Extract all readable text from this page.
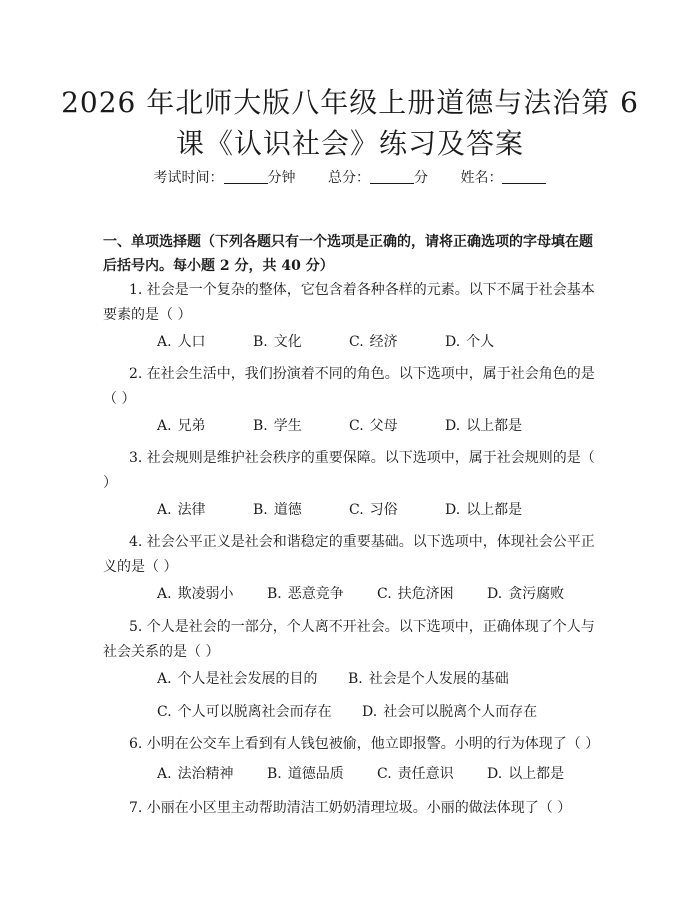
2026 年北师大版八年级上册道德与法治第 6
课《认识社会》练习及答案
考试时间：	分钟 总分：	分 姓名：
一、单项选择题（下列各题只有一个选项是正确的，请将正确选项的字母填在题后括号内。每小题 2 分，共 40 分）
1. 社会是一个复杂的整体，它包含着各种各样的元素。以下不属于社会基本要素的是（ ）
A. 人口	B. 文化	C. 经济	D. 个人
2. 在社会生活中，我们扮演着不同的角色。以下选项中，属于社会角色的是（ ）
A. 兄弟	B. 学生	C. 父母	D. 以上都是
3. 社会规则是维护社会秩序的重要保障。以下选项中，属于社会规则的是（ ）
A. 法律	B. 道德	C. 习俗	D. 以上都是
4. 社会公平正义是社会和谐稳定的重要基础。以下选项中，体现社会公平正义的是（ ）
A. 欺凌弱小 B. 恶意竞争 C. 扶危济困 D. 贪污腐败
5. 个人是社会的一部分，个人离不开社会。以下选项中，正确体现了个人与社会关系的是（ ）
A. 个人是社会发展的目的 B. 社会是个人发展的基础
C. 个人可以脱离社会而存在 D. 社会可以脱离个人而存在
6. 小明在公交车上看到有人钱包被偷，他立即报警。小明的行为体现了（ ）
A. 法治精神 B. 道德品质 C. 责任意识 D. 以上都是
7. 小丽在小区里主动帮助清洁工奶奶清理垃圾。小丽的做法体现了（ ）
